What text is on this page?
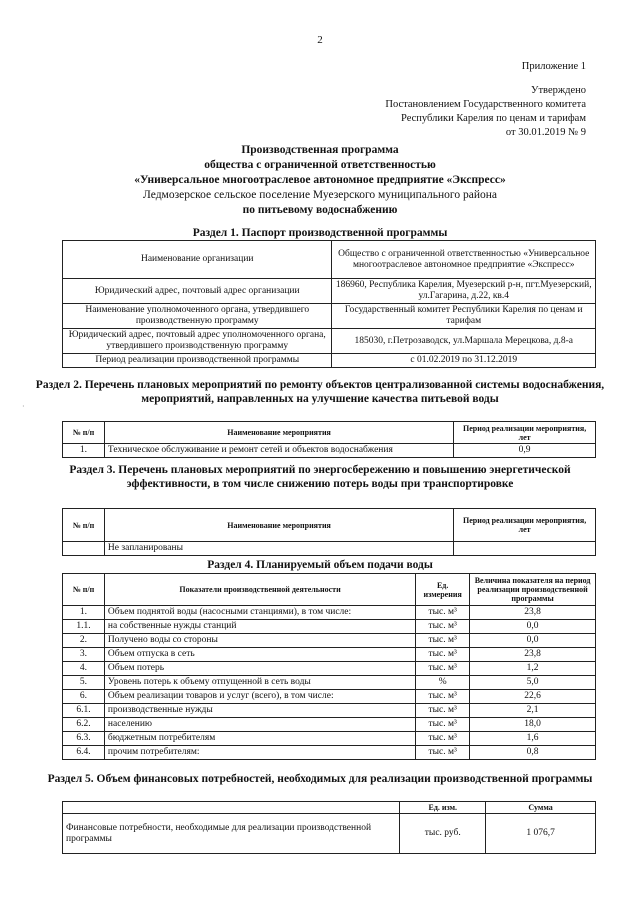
2
Приложение 1
Утверждено
Постановлением Государственного комитета
Республики Карелия по ценам и тарифам
от 30.01.2019 № 9
Производственная программа
общества с ограниченной ответственностью
«Универсальное многоотраслевое автономное предприятие «Экспресс»
Ледмозерское сельское поселение Муезерского муниципального района
по питьевому водоснабжению
Раздел 1. Паспорт производственной программы
Наименование организации	Общество с ограниченной ответственностью «Универсальное многоотраслевое автономное предприятие «Экспресс»
Юридический адрес, почтовый адрес организации	186960, Республика Карелия, Муезерский р-н, пгт.Муезерский, ул.Гагарина, д.22, кв.4
Наименование уполномоченного органа, утвердившего производственную программу	Государственный комитет Республики Карелия по ценам и тарифам
Юридический адрес, почтовый адрес уполномоченного органа, утвердившего производственную программу	185030, г.Петрозаводск, ул.Маршала Мерецкова, д.8-а
Период реализации производственной программы	с 01.02.2019 по 31.12.2019
Раздел 2. Перечень плановых мероприятий по ремонту объектов централизованной системы водоснабжения, мероприятий, направленных на улучшение качества питьевой воды
·
№ п/п	Наименование мероприятия	Период реализации мероприятия, лет
1.	Техническое обслуживание и ремонт сетей и объектов водоснабжения	0,9
Раздел 3. Перечень плановых мероприятий по энергосбережению и повышению энергетической эффективности, в том числе снижению потерь воды при транспортировке
№ п/п	Наименование мероприятия	Период реализации мероприятия, лет
	Не запланированы	
Раздел 4. Планируемый объем подачи воды
№ п/п	Показатели производственной деятельности	Ед. измерения	Величина показателя на период реализации производственной программы
1.	Объем поднятой воды (насосными станциями), в том числе:	тыс. м³	23,8
1.1.	на собственные нужды станций	тыс. м³	0,0
2.	Получено воды со стороны	тыс. м³	0,0
3.	Объем отпуска в сеть	тыс. м³	23,8
4.	Объем потерь	тыс. м³	1,2
5.	Уровень потерь к объему отпущенной в сеть воды	%	5,0
6.	Объем реализации товаров и услуг (всего), в том числе:	тыс. м³	22,6
6.1.	производственные нужды	тыс. м³	2,1
6.2.	населению	тыс. м³	18,0
6.3.	бюджетным потребителям	тыс. м³	1,6
6.4.	прочим потребителям:	тыс. м³	0,8
Раздел 5. Объем финансовых потребностей, необходимых для реализации производственной программы
	Ед. изм.	Сумма
Финансовые потребности, необходимые для реализации производственной программы	тыс. руб.	1 076,7
